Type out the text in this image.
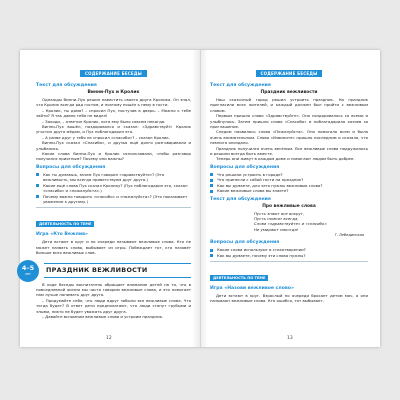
СОДЕРЖАНИЕ БЕСЕДЫ
Текст для обсуждения
Винни-Пух и Кролик

Однажды Винни-Пух решил навестить своего друга Кролика. Он знал, что Кролик всегда рад гостям, и поэтому пошёл к нему в гости.

– Кролик, ты дома? – спросил Пух, постучав в дверь. – Можно к тебе зайти? Я так давно тебя не видел!

– Заходи, – ответил Кролик, хотя ему было совсем некогда.

Винни-Пух вошёл, поздоровался и сказал: «Здравствуй!» Кролик угостил друга мёдом, и Пух поблагодарил его.

– А разве друг у тебя не спросил «спасибо»? – сказал Кролик.

Винни-Пух сказал «Спасибо», и друзья ещё долго разговаривали и улыбались.

Какие слова Винни-Пух и Кролик использовали, чтобы разговор получился приятным? Почему они важны?

Вопросы для обсуждения

Как ты думаешь, зачем Пух говорил «здравствуйте»? (Это вежливость, мы всегда приветствуем друг друга.)

Какие ещё слова Пух сказал Кролику? (Пух поблагодарил его, сказал «спасибо» и «пожалуйста».)

Почему важно говорить «спасибо» и «пожалуйста»? (Это показывает уважение к другому.)

ДЕЯТЕЛЬНОСТЬ ПО ТЕМЕ
Игра «Кто Вежлив»

Дети встают в круг и по очереди называют вежливые слова. Кто не может назвать слово, выбывает из игры. Побеждает тот, кто назовёт больше всех вежливых слов.

4–5
лет	ПРАЗДНИК ВЕЖЛИВОСТИ

В ходе беседы воспитатель обращает внимание детей на то, что в повседневной жизни мы часто говорим вежливые слова, и это помогает нам лучше понимать друг друга.

– Придумайте себе, что люди вдруг забыли все вежливые слова. Что тогда будет? В ответ дети предполагают, что люди станут грубыми и злыми, никто не будет уважать друг друга.

– Давайте вспомним вежливые слова и устроим праздник.

12
СОДЕРЖАНИЕ БЕСЕДЫ
Текст для обсуждения
Праздник вежливости

Наш сказочный город решил устроить праздник. На праздник пригласили всех жителей, и каждый должен был прийти с вежливым словом.

Первым пришло слово «Здравствуйте». Оно поздоровалось со всеми и улыбнулось. Затем пришло слово «Спасибо» и поблагодарило хозяев за приглашение.

Следом появилось слово «Пожалуйста». Оно помогало всем и было очень внимательным. Слово «Извините» пришло последним и сказало, что немного опоздало.

Праздник получился очень весёлым. Все вежливые слова подружились и решили всегда быть вместе.

Теперь они живут в каждом доме и помогают людям быть добрее.

Вопросы для обсуждения

Что решили устроить в городе?

Что принесли с собой гости на праздник?

Как вы думаете, для чего нужны вежливые слова?

Какие вежливые слова вы знаете?

Текст для обсуждения
Про вежливые слова

Пусть знают все вокруг,

Пусть помнят всегда,

Слова «здравствуйте» и «спасибо»

Не умирают никогда!

Г. Лебединская
Вопросы для обсуждения

Какие слова используют в стихотворении?

Как вы думаете, почему эти слова нужны?

ДЕЯТЕЛЬНОСТЬ ПО ТЕМЕ
Игра «Назови вежливое слово»

Дети встают в круг. Взрослый по очереди бросает детям мяч, а они называют вежливые слова. Кто ошибся, тот выбывает.

13
